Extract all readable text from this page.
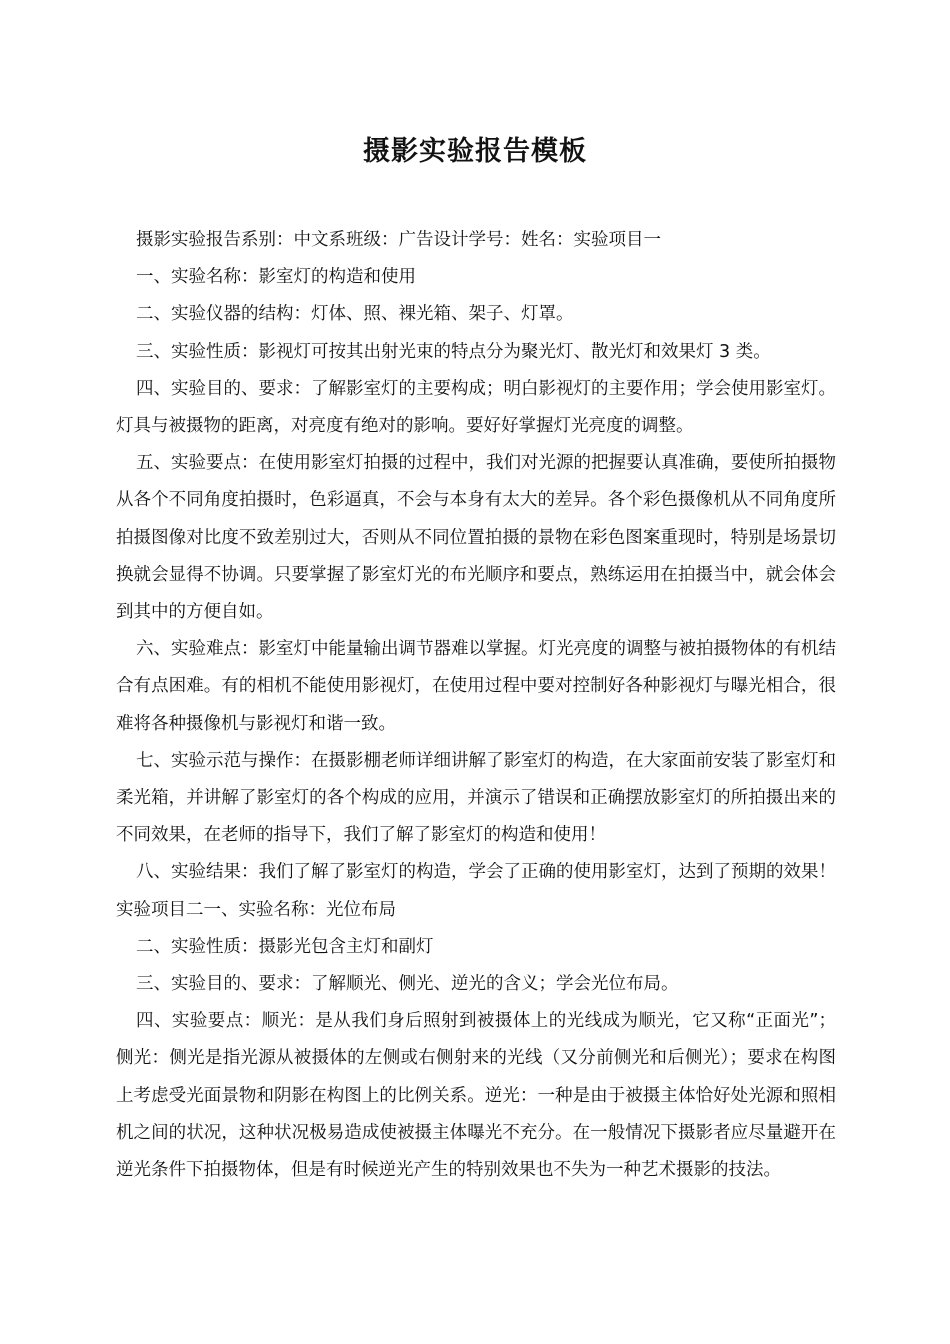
摄影实验报告模板

摄影实验报告系别：中文系班级：广告设计学号：姓名：实验项目一

一、实验名称：影室灯的构造和使用

二、实验仪器的结构：灯体、照、裸光箱、架子、灯罩。

三、实验性质：影视灯可按其出射光束的特点分为聚光灯、散光灯和效果灯 3 类。

四、实验目的、要求：了解影室灯的主要构成；明白影视灯的主要作用；学会使用影室灯。灯具与被摄物的距离，对亮度有绝对的影响。要好好掌握灯光亮度的调整。

五、实验要点：在使用影室灯拍摄的过程中，我们对光源的把握要认真准确，要使所拍摄物从各个不同角度拍摄时，色彩逼真，不会与本身有太大的差异。各个彩色摄像机从不同角度所拍摄图像对比度不致差别过大，否则从不同位置拍摄的景物在彩色图案重现时，特别是场景切换就会显得不协调。只要掌握了影室灯光的布光顺序和要点，熟练运用在拍摄当中，就会体会到其中的方便自如。

六、实验难点：影室灯中能量输出调节器难以掌握。灯光亮度的调整与被拍摄物体的有机结合有点困难。有的相机不能使用影视灯，在使用过程中要对控制好各种影视灯与曝光相合，很难将各种摄像机与影视灯和谐一致。

七、实验示范与操作：在摄影棚老师详细讲解了影室灯的构造，在大家面前安装了影室灯和柔光箱，并讲解了影室灯的各个构成的应用，并演示了错误和正确摆放影室灯的所拍摄出来的不同效果，在老师的指导下，我们了解了影室灯的构造和使用！

八、实验结果：我们了解了影室灯的构造，学会了正确的使用影室灯，达到了预期的效果！实验项目二一、实验名称：光位布局

二、实验性质：摄影光包含主灯和副灯

三、实验目的、要求：了解顺光、侧光、逆光的含义；学会光位布局。

四、实验要点：顺光：是从我们身后照射到被摄体上的光线成为顺光，它又称“正面光”；侧光：侧光是指光源从被摄体的左侧或右侧射来的光线（又分前侧光和后侧光）；要求在构图上考虑受光面景物和阴影在构图上的比例关系。逆光：一种是由于被摄主体恰好处光源和照相机之间的状况，这种状况极易造成使被摄主体曝光不充分。在一般情况下摄影者应尽量避开在逆光条件下拍摄物体，但是有时候逆光产生的特别效果也不失为一种艺术摄影的技法。
